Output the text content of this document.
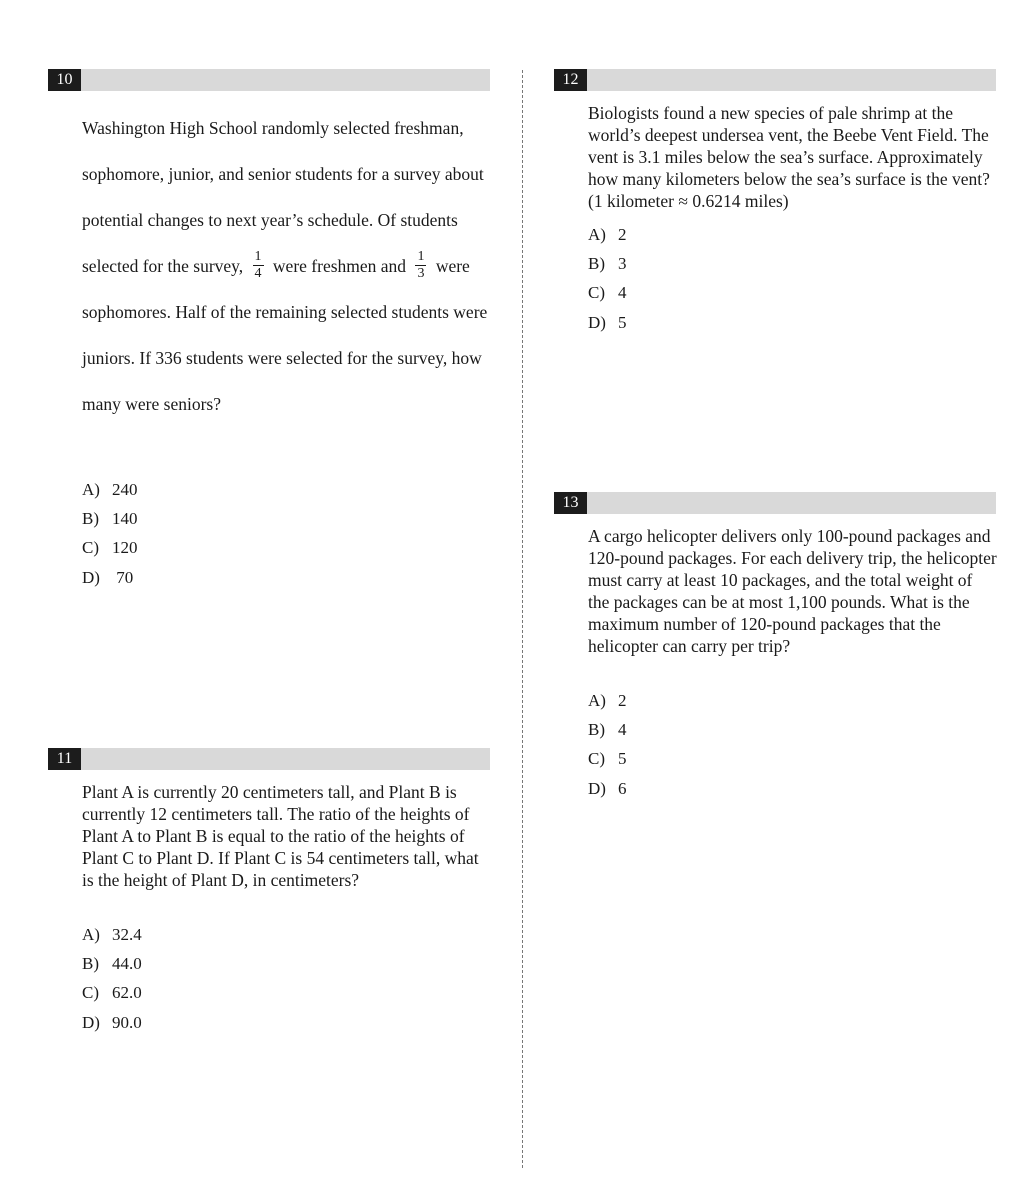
10

Washington High School randomly selected freshman, sophomore, junior, and senior students for a survey about potential changes to next year’s schedule. Of students selected for the survey, $\frac{1}{4}$ were freshmen and $\frac{1}{3}$ were sophomores. Half of the remaining selected students were juniors. If 336 students were selected for the survey, how many were seniors?

A) 240
B) 140
C) 120
D) 70
11

Plant A is currently 20 centimeters tall, and Plant B is currently 12 centimeters tall. The ratio of the heights of Plant A to Plant B is equal to the ratio of the heights of Plant C to Plant D. If Plant C is 54 centimeters tall, what is the height of Plant D, in centimeters?

A) 32.4
B) 44.0
C) 62.0
D) 90.0
12

Biologists found a new species of pale shrimp at the world’s deepest undersea vent, the Beebe Vent Field. The vent is 3.1 miles below the sea’s surface. Approximately how many kilometers below the sea’s surface is the vent? (1 kilometer ≈ 0.6214 miles)

A) 2
B) 3
C) 4
D) 5
13

A cargo helicopter delivers only 100-pound packages and 120-pound packages. For each delivery trip, the helicopter must carry at least 10 packages, and the total weight of the packages can be at most 1,100 pounds. What is the maximum number of 120-pound packages that the helicopter can carry per trip?

A) 2
B) 4
C) 5
D) 6
